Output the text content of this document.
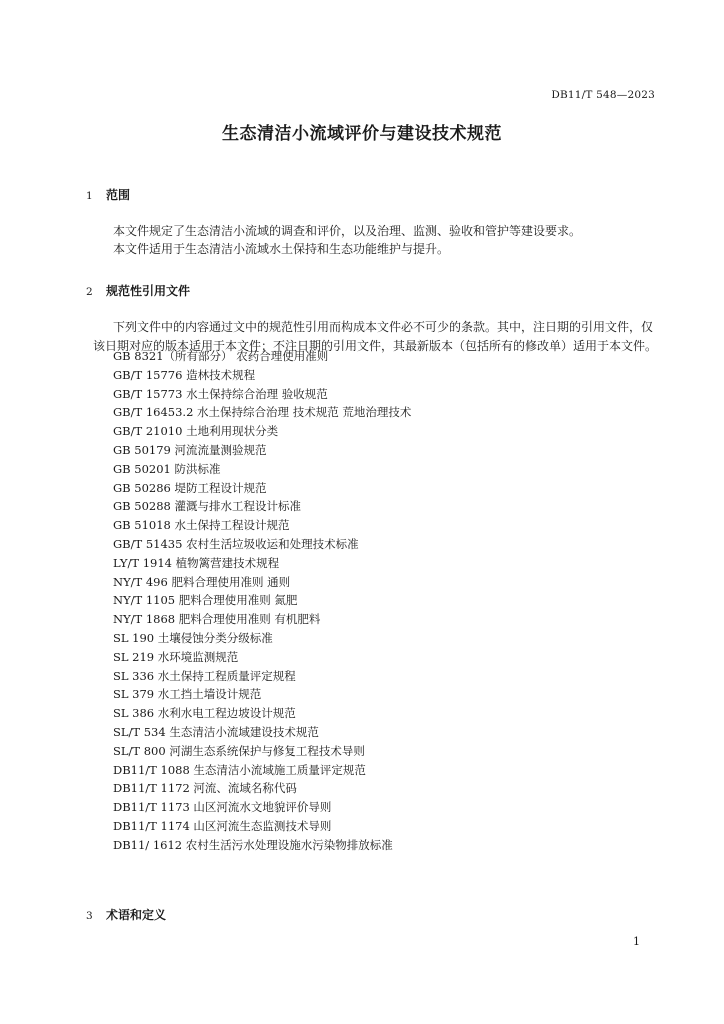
DB11/T 548—2023
生态清洁小流域评价与建设技术规范
1 范围
本文件规定了生态清洁小流域的调查和评价，以及治理、监测、验收和管护等建设要求。
本文件适用于生态清洁小流域水土保持和生态功能维护与提升。
2 规范性引用文件
下列文件中的内容通过文中的规范性引用而构成本文件必不可少的条款。其中，注日期的引用文件，仅该日期对应的版本适用于本文件；不注日期的引用文件，其最新版本（包括所有的修改单）适用于本文件。
GB 8321（所有部分） 农药合理使用准则
GB/T 15776 造林技术规程
GB/T 15773 水土保持综合治理 验收规范
GB/T 16453.2 水土保持综合治理 技术规范 荒地治理技术
GB/T 21010 土地利用现状分类
GB 50179 河流流量测验规范
GB 50201 防洪标准
GB 50286 堤防工程设计规范
GB 50288 灌溉与排水工程设计标准
GB 51018 水土保持工程设计规范
GB/T 51435 农村生活垃圾收运和处理技术标准
LY/T 1914 植物篱营建技术规程
NY/T 496 肥料合理使用准则 通则
NY/T 1105 肥料合理使用准则 氮肥
NY/T 1868 肥料合理使用准则 有机肥料
SL 190 土壤侵蚀分类分级标准
SL 219 水环境监测规范
SL 336 水土保持工程质量评定规程
SL 379 水工挡土墙设计规范
SL 386 水利水电工程边坡设计规范
SL/T 534 生态清洁小流域建设技术规范
SL/T 800 河湖生态系统保护与修复工程技术导则
DB11/T 1088 生态清洁小流域施工质量评定规范
DB11/T 1172 河流、流域名称代码
DB11/T 1173 山区河流水文地貌评价导则
DB11/T 1174 山区河流生态监测技术导则
DB11/ 1612 农村生活污水处理设施水污染物排放标准
3 术语和定义
1
